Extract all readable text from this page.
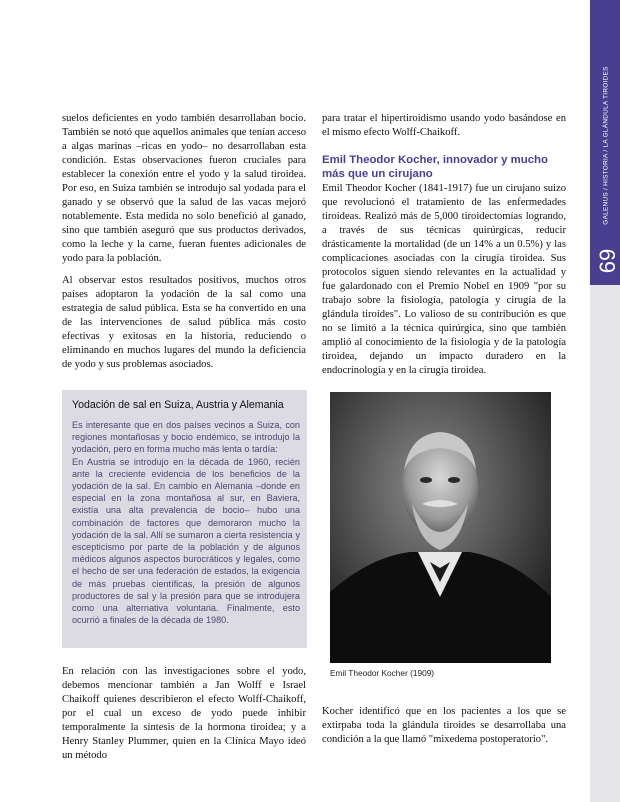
GALENUS / HISTORIA / LA GLÁNDULA TIROIDES
69

suelos deficientes en yodo también desarrollaban bocio. También se notó que aquellos animales que tenían acceso a algas marinas –ricas en yodo– no desarrollaban esta condición. Estas observaciones fueron cruciales para establecer la conexión entre el yodo y la salud tiroidea. Por eso, en Suiza también se introdujo sal yodada para el ganado y se observó que la salud de las vacas mejoró notablemente. Esta medida no solo benefició al ganado, sino que también aseguró que sus productos derivados, como la leche y la carne, fueran fuentes adicionales de yodo para la población.

Al observar estos resultados positivos, muchos otros países adoptaron la yodación de la sal como una estrategia de salud pública. Esta se ha convertido en una de las intervenciones de salud pública más costo efectivas y exitosas en la historia, reduciendo o eliminando en muchos lugares del mundo la deficiencia de yodo y sus problemas asociados.

para tratar el hipertiroidismo usando yodo basándose en el mismo efecto Wolff-Chaikoff.

Emil Theodor Kocher, innovador y mucho más que un cirujano
Emil Theodor Kocher (1841-1917) fue un cirujano suizo que revolucionó el tratamiento de las enfermedades tiroideas. Realizó más de 5,000 tiroidectomías logrando, a través de sus técnicas quirúrgicas, reducir drásticamente la mortalidad (de un 14% a un 0.5%) y las complicaciones asociadas con la cirugía tiroidea. Sus protocolos siguen siendo relevantes en la actualidad y fue galardonado con el Premio Nobel en 1909 "por su trabajo sobre la fisiología, patología y cirugía de la glándula tiroides". Lo valioso de su contribución es que no se limitó a la técnica quirúrgica, sino que también amplió al conocimiento de la fisiología y de la patología tiroidea, dejando un impacto duradero en la endocrinología y en la cirugía tiroidea.
Yodación de sal en Suiza, Austria y Alemania
Es interesante que en dos países vecinos a Suiza, con regiones montañosas y bocio endémico, se introdujo la yodación, pero en forma mucho más lenta o tardía:
En Austria se introdujo en la década de 1960, recién ante la creciente evidencia de los beneficios de la yodación de la sal. En cambio en Alemania –donde en especial en la zona montañosa al sur, en Baviera, existía una alta prevalencia de bocio– hubo una combinación de factores que demoraron mucho la yodación de la sal. Allí se sumaron a cierta resistencia y escepticismo por parte de la población y de algunos médicos algunos aspectos burocráticos y legales, como el hecho de ser una federación de estados, la exigencia de más pruebas científicas, la presión de algunos productores de sal y la presión para que se introdujera como una alternativa voluntaria. Finalmente, esto ocurrió a finales de la década de 1980.
Emil Theodor Kocher (1909)
En relación con las investigaciones sobre el yodo, debemos mencionar también a Jan Wolff e Israel Chaikoff quienes describieron el efecto Wolff-Chaikoff, por el cual un exceso de yodo puede inhibir temporalmente la síntesis de la hormona tiroidea; y a Henry Stanley Plummer, quien en la Clínica Mayo ideó un método
Kocher identificó que en los pacientes a los que se extirpaba toda la glándula tiroides se desarrollaba una condición a la que llamó "mixedema postoperatorio".
